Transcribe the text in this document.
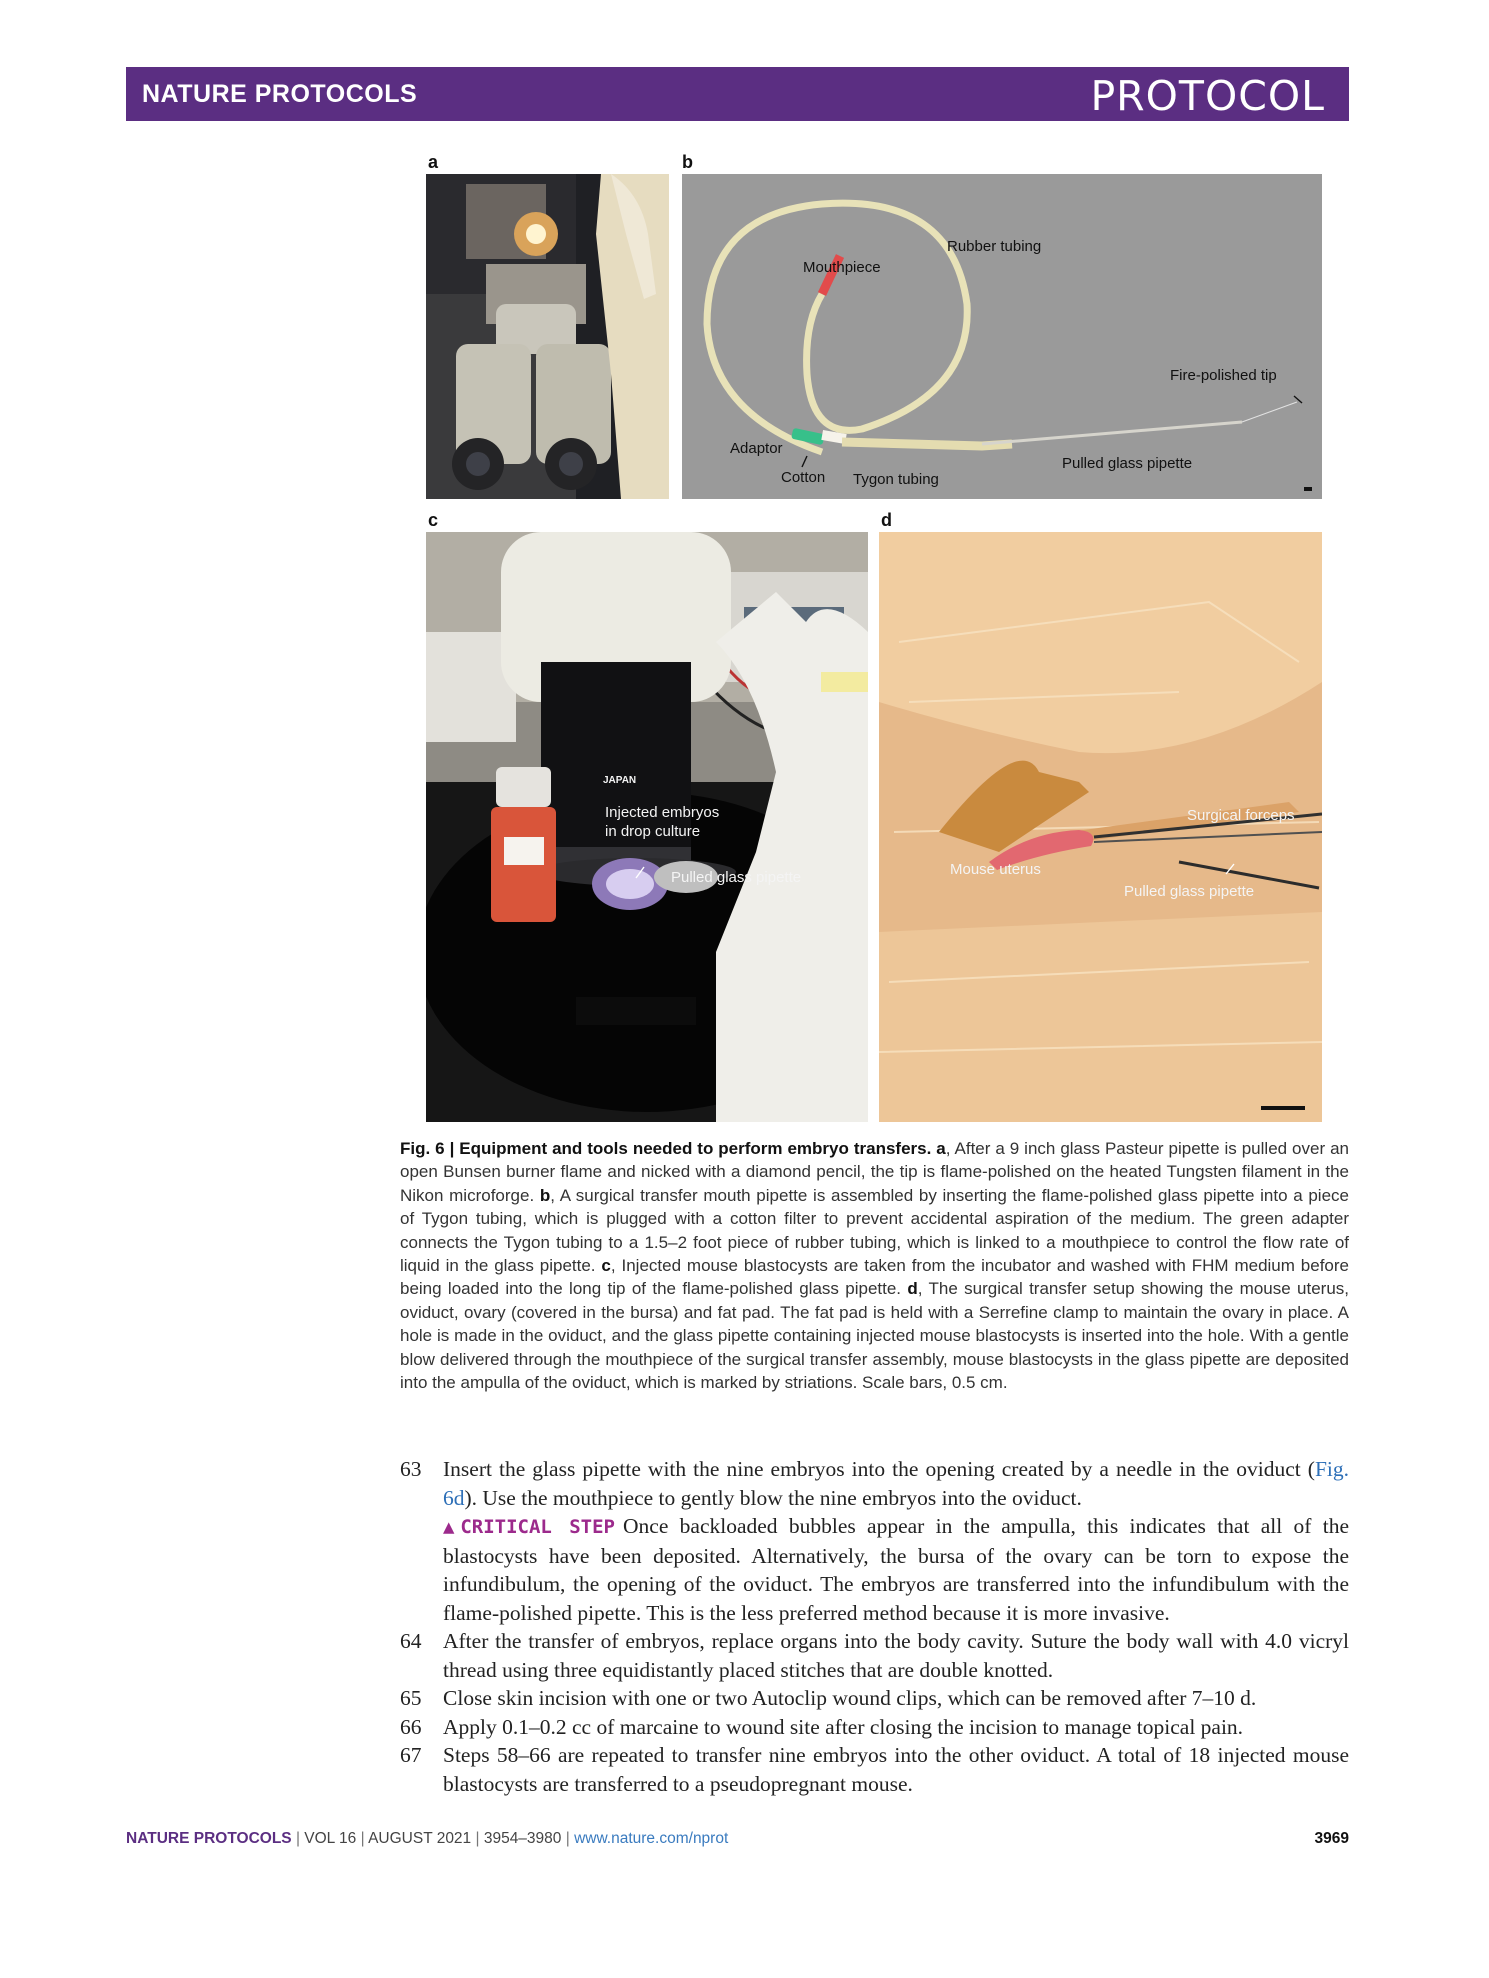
NATURE PROTOCOLS	PROTOCOL
a	b
c	d
Rubber tubing
Mouthpiece
Fire-polished tip
Adaptor
Cotton Tygon tubing
Pulled glass pipette
JAPAN
Injected embryos
in drop culture
Pulled glass pipette
Surgical forceps
Mouse uterus
Pulled glass pipette
Fig. 6 | Equipment and tools needed to perform embryo transfers. a, After a 9 inch glass Pasteur pipette is pulled over an open Bunsen burner flame and nicked with a diamond pencil, the tip is flame-polished on the heated Tungsten filament in the Nikon microforge. b, A surgical transfer mouth pipette is assembled by inserting the flame-polished glass pipette into a piece of Tygon tubing, which is plugged with a cotton filter to prevent accidental aspiration of the medium. The green adapter connects the Tygon tubing to a 1.5–2 foot piece of rubber tubing, which is linked to a mouthpiece to control the flow rate of liquid in the glass pipette. c, Injected mouse blastocysts are taken from the incubator and washed with FHM medium before being loaded into the long tip of the flame-polished glass pipette. d, The surgical transfer setup showing the mouse uterus, oviduct, ovary (covered in the bursa) and fat pad. The fat pad is held with a Serrefine clamp to maintain the ovary in place. A hole is made in the oviduct, and the glass pipette containing injected mouse blastocysts is inserted into the hole. With a gentle blow delivered through the mouthpiece of the surgical transfer assembly, mouse blastocysts in the glass pipette are deposited into the ampulla of the oviduct, which is marked by striations. Scale bars, 0.5 cm.
63 Insert the glass pipette with the nine embryos into the opening created by a needle in the oviduct (Fig. 6d). Use the mouthpiece to gently blow the nine embryos into the oviduct.
▲CRITICAL STEP Once backloaded bubbles appear in the ampulla, this indicates that all of the blastocysts have been deposited. Alternatively, the bursa of the ovary can be torn to expose the infundibulum, the opening of the oviduct. The embryos are transferred into the infundibulum with the flame-polished pipette. This is the less preferred method because it is more invasive.
64 After the transfer of embryos, replace organs into the body cavity. Suture the body wall with 4.0 vicryl thread using three equidistantly placed stitches that are double knotted.
65 Close skin incision with one or two Autoclip wound clips, which can be removed after 7–10 d.
66 Apply 0.1–0.2 cc of marcaine to wound site after closing the incision to manage topical pain.
67 Steps 58–66 are repeated to transfer nine embryos into the other oviduct. A total of 18 injected mouse blastocysts are transferred to a pseudopregnant mouse.
NATURE PROTOCOLS | VOL 16 | AUGUST 2021 | 3954–3980 | www.nature.com/nprot	3969
